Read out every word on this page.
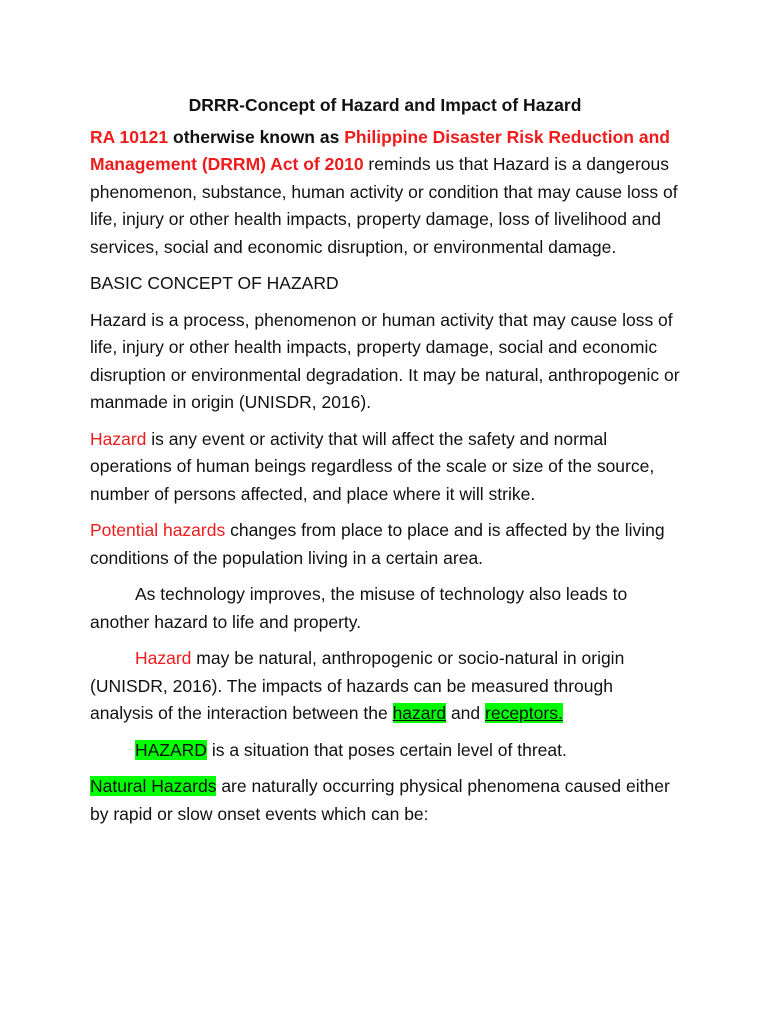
DRRR-Concept of Hazard and Impact of Hazard

RA 10121 otherwise known as Philippine Disaster Risk Reduction and Management (DRRM) Act of 2010 reminds us that Hazard is a dangerous phenomenon, substance, human activity or condition that may cause loss of life, injury or other health impacts, property damage, loss of livelihood and services, social and economic disruption, or environmental damage.

BASIC CONCEPT OF HAZARD

Hazard is a process, phenomenon or human activity that may cause loss of life, injury or other health impacts, property damage, social and economic disruption or environmental degradation. It may be natural, anthropogenic or manmade in origin (UNISDR, 2016).

Hazard is any event or activity that will affect the safety and normal operations of human beings regardless of the scale or size of the source, number of persons affected, and place where it will strike.

Potential hazards changes from place to place and is affected by the living conditions of the population living in a certain area.

As technology improves, the misuse of technology also leads to another hazard to life and property.

Hazard may be natural, anthropogenic or socio-natural in origin (UNISDR, 2016). The impacts of hazards can be measured through analysis of the interaction between the hazard and receptors.

HAZARD is a situation that poses certain level of threat.

Natural Hazards are naturally occurring physical phenomena caused either by rapid or slow onset events which can be:
